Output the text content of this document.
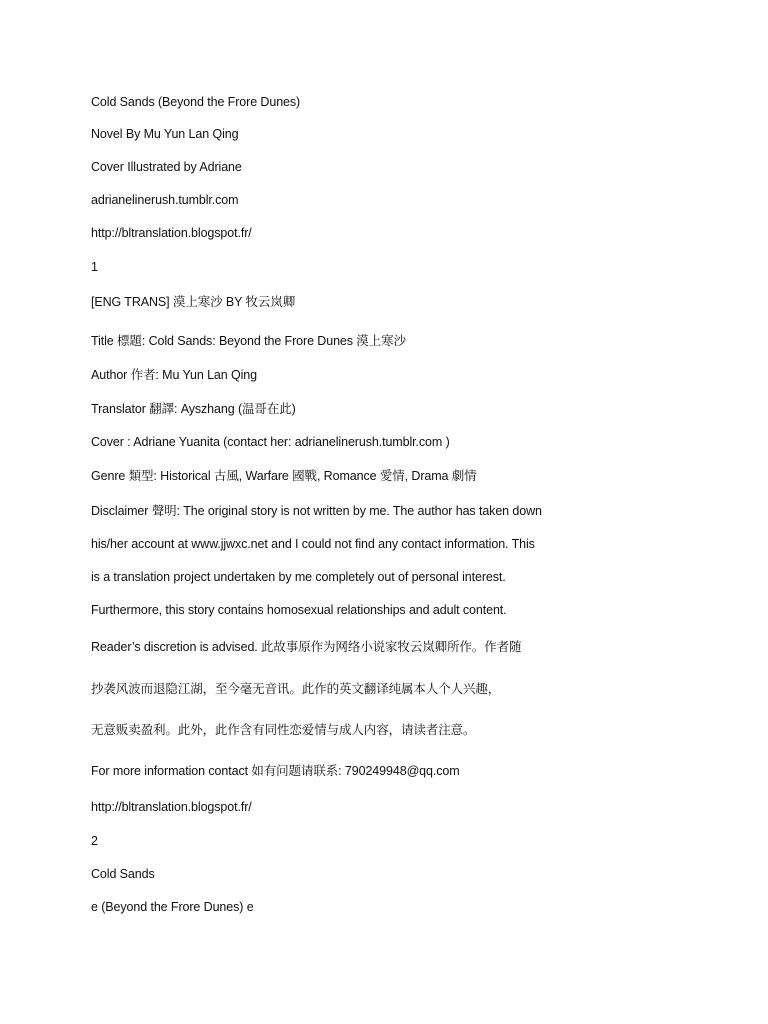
Cold Sands (Beyond the Frore Dunes)
Novel By Mu Yun Lan Qing
Cover Illustrated by Adriane
adrianelinerush.tumblr.com
http://bltranslation.blogspot.fr/
1
[ENG TRANS] 漠上寒沙 BY 牧云岚卿
Title 標題: Cold Sands: Beyond the Frore Dunes 漠上寒沙
Author 作者: Mu Yun Lan Qing
Translator 翻譯: Ayszhang (温哥在此)
Cover : Adriane Yuanita (contact her: adrianelinerush.tumblr.com )
Genre 類型: Historical 古風, Warfare 國戰, Romance 愛情, Drama 劇情
Disclaimer 聲明: The original story is not written by me. The author has taken down
his/her account at www.jjwxc.net and I could not find any contact information. This
is a translation project undertaken by me completely out of personal interest.
Furthermore, this story contains homosexual relationships and adult content.
Reader’s discretion is advised. 此故事原作为网络小说家牧云岚卿所作。作者随
抄袭风波而退隐江湖，至今毫无音讯。此作的英文翻译纯属本人个人兴趣，
无意贩卖盈利。此外，此作含有同性恋爱情与成人内容，请读者注意。
For more information contact 如有问题请联系: 790249948@qq.com
http://bltranslation.blogspot.fr/
2
Cold Sands
e (Beyond the Frore Dunes) e
